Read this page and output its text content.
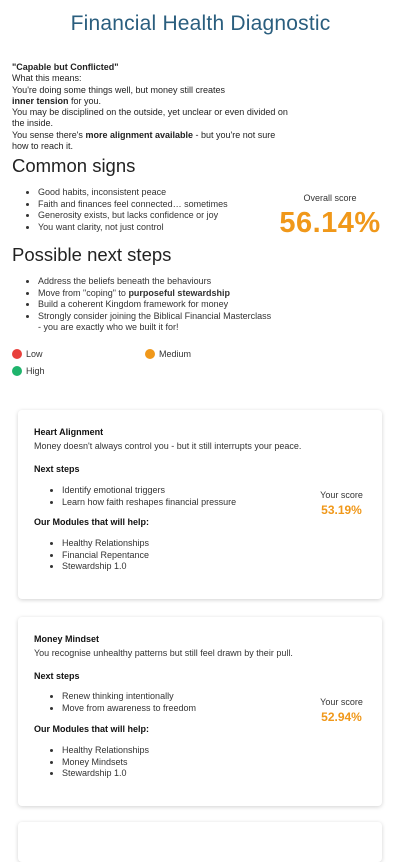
Financial Health Diagnostic
"Capable but Conflicted"
What this means:
You're doing some things well, but money still creates
inner tension for you.
You may be disciplined on the outside, yet unclear or even divided on the inside.
You sense there's more alignment available - but you're not sure how to reach it.
Common signs
• Good habits, inconsistent peace
• Faith and finances feel connected… sometimes
• Generosity exists, but lacks confidence or joy
• You want clarity, not just control
Overall score
56.14%
Possible next steps
• Address the beliefs beneath the behaviours
• Move from "coping" to purposeful stewardship
• Build a coherent Kingdom framework for money
• Strongly consider joining the Biblical Financial Masterclass - you are exactly who we built it for!
Low	Medium
High
Heart Alignment
Money doesn't always control you - but it still interrupts your peace.
Next steps
• Identify emotional triggers
• Learn how faith reshapes financial pressure
Our Modules that will help:
• Healthy Relationships
• Financial Repentance
• Stewardship 1.0
Your score
53.19%
Money Mindset
You recognise unhealthy patterns but still feel drawn by their pull.
Next steps
• Renew thinking intentionally
• Move from awareness to freedom
Our Modules that will help:
• Healthy Relationships
• Money Mindsets
• Stewardship 1.0
Your score
52.94%
